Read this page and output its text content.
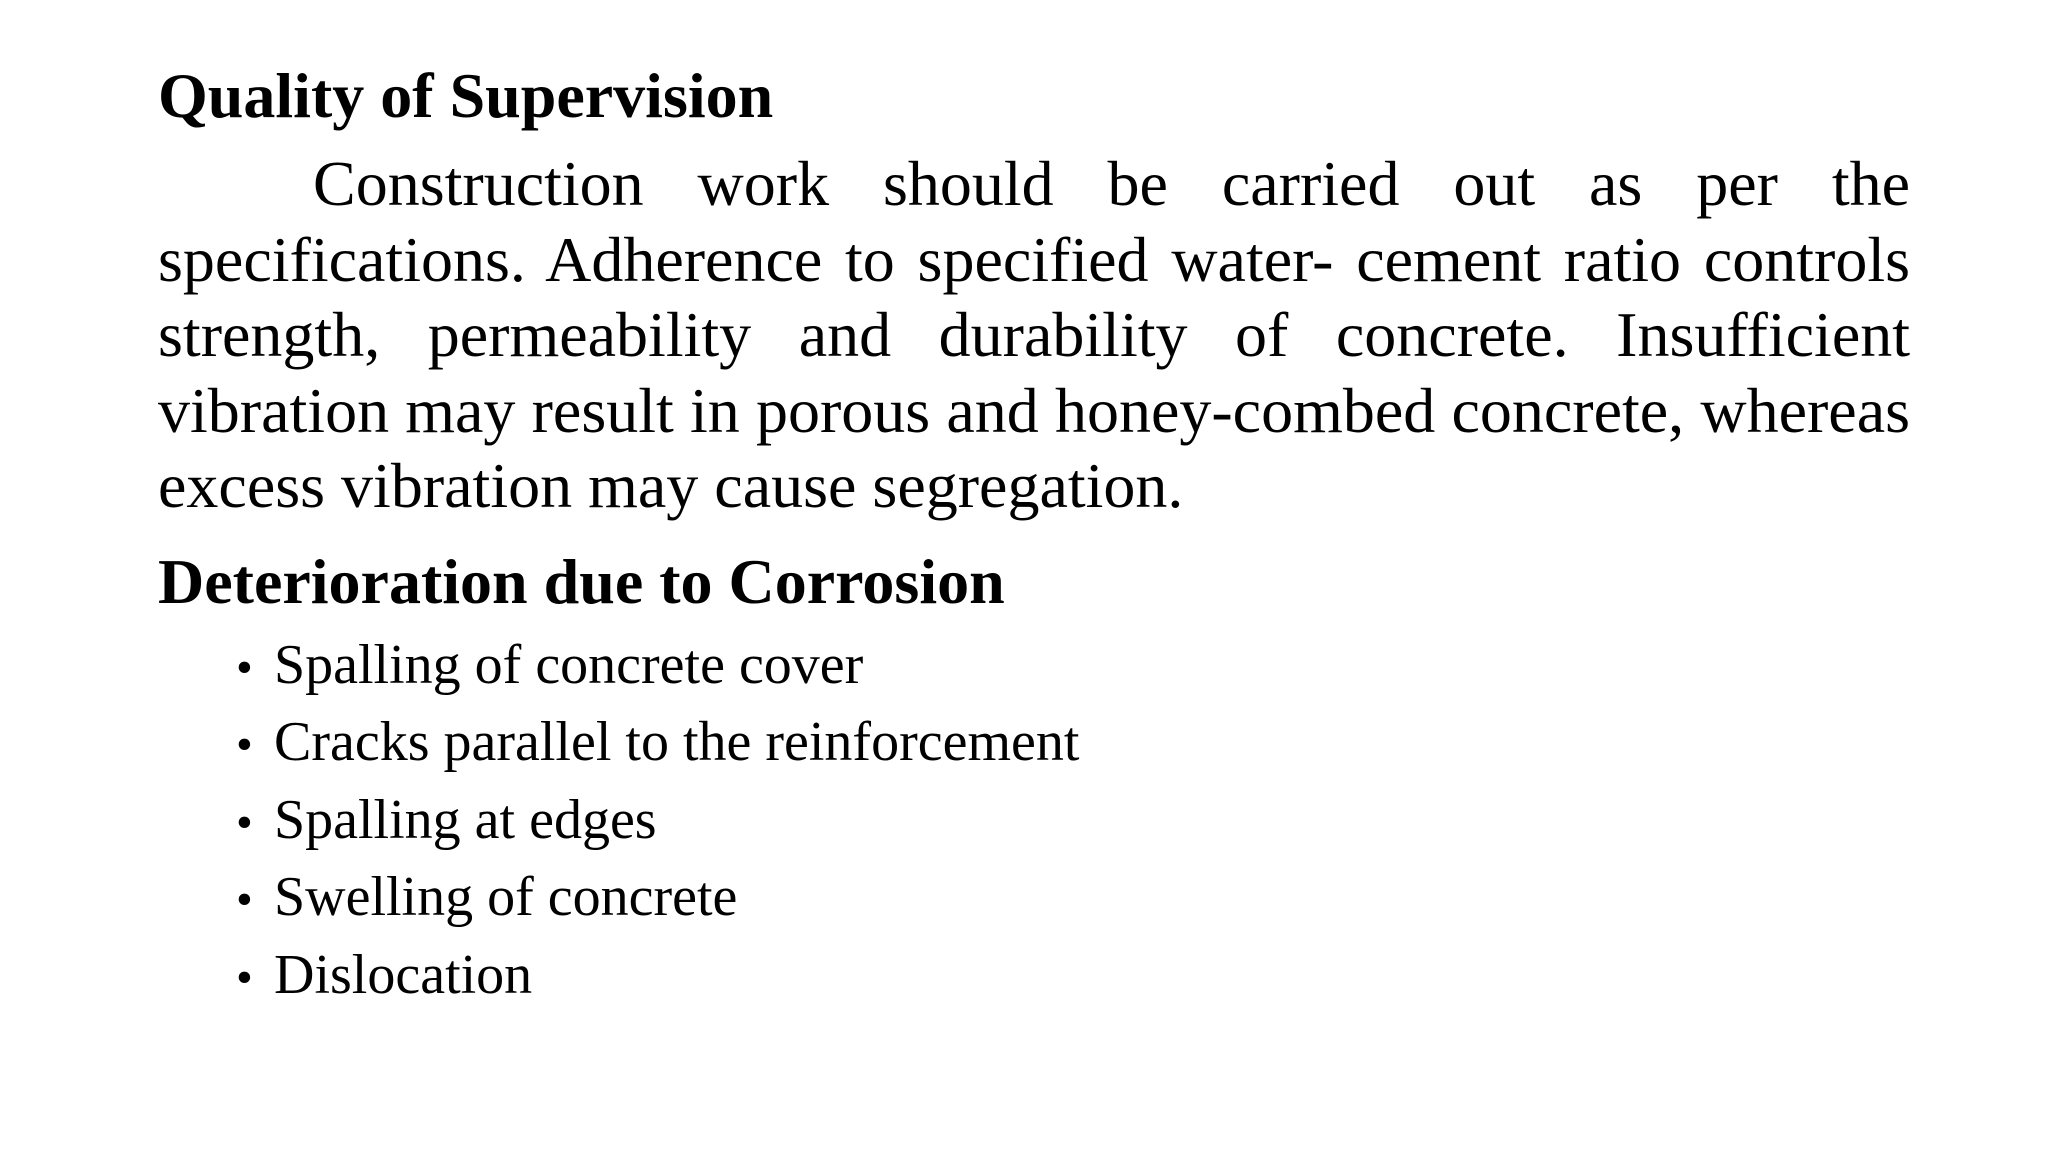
Quality of Supervision

Construction work should be carried out as per the specifications. Adherence to specified water- cement ratio controls strength, permeability and durability of concrete. Insufficient vibration may result in porous and honey-combed concrete, whereas excess vibration may cause segregation.

Deterioration due to Corrosion
• Spalling of concrete cover
• Cracks parallel to the reinforcement
• Spalling at edges
• Swelling of concrete
• Dislocation
